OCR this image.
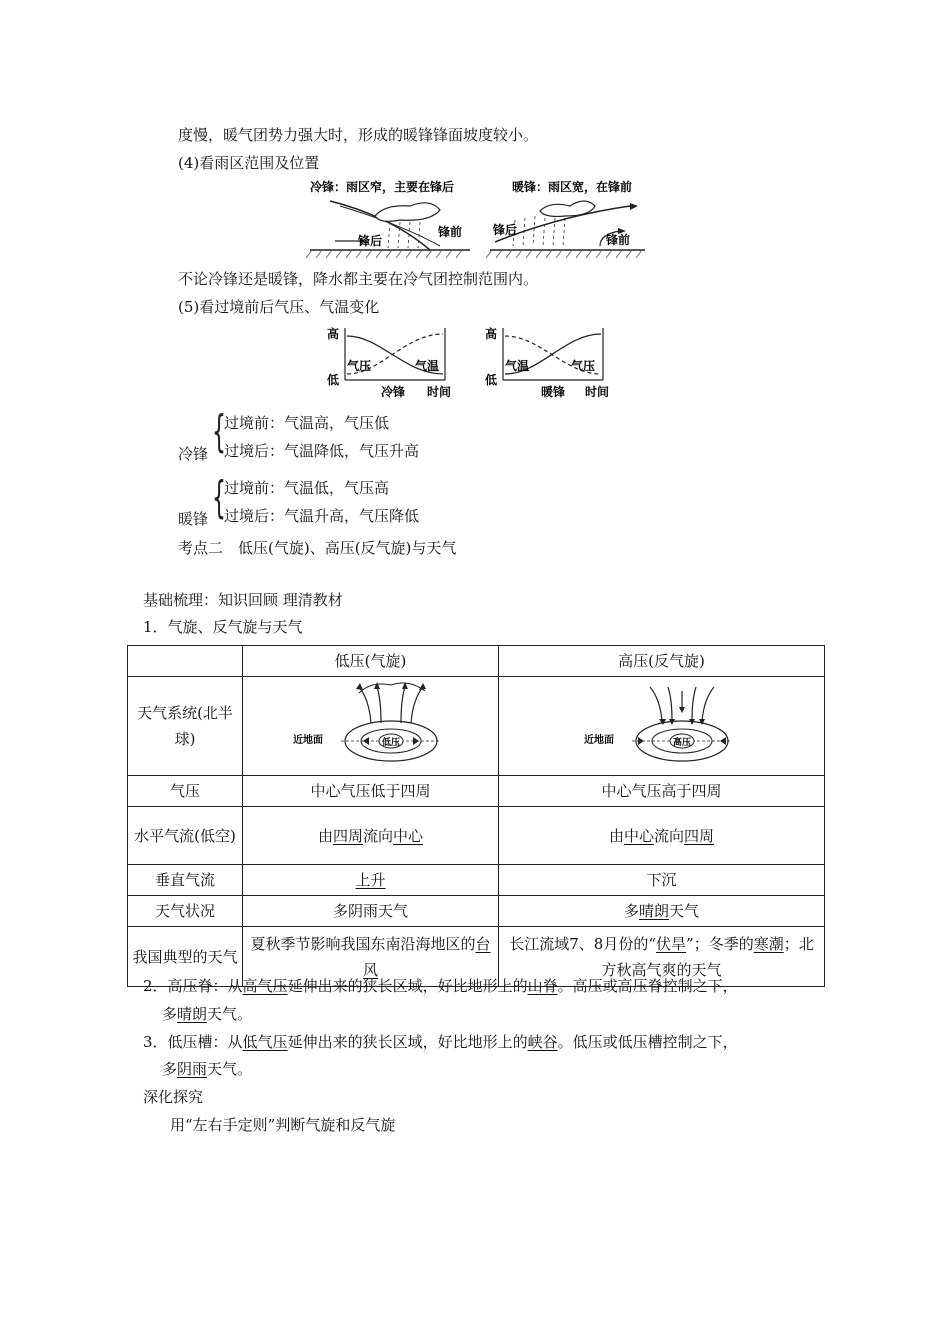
度慢，暖气团势力强大时，形成的暖锋锋面坡度较小。
(4)看雨区范围及位置
冷锋：雨区窄，主要在锋后
锋后
锋前
暖锋：雨区宽，在锋前
锋后
锋前
不论冷锋还是暖锋，降水都主要在冷气团控制范围内。
(5)看过境前后气压、气温变化
高
低
气压	气温
冷锋 时间
高
低
气温	气压
暖锋 时间
{
过境前：气温高，气压低
过境后：气温降低，气压升高
冷锋
{
过境前：气温低，气压高
过境后：气温升高，气压降低
暖锋
考点二　低压(气旋)、高压(反气旋)与天气
基础梳理：知识回顾 理清教材
1．气旋、反气旋与天气
	低压(气旋)	高压(反气旋)
天气系统(北半球)	近地面 低压	近地面 高压

气压	中心气压低于四周	中心气压高于四周
水平气流(低空)	由四周流向中心	由中心流向四周
垂直气流	上升	下沉
天气状况	多阴雨天气	多晴朗天气
我国典型的天气	夏秋季节影响我国东南沿海地区的台风	长江流域7、8月份的“伏旱”；冬季的寒潮；北方秋高气爽的天气
2．高压脊：从高气压延伸出来的狭长区域，好比地形上的山脊。高压或高压脊控制之下，
多晴朗天气。
3．低压槽：从低气压延伸出来的狭长区域，好比地形上的峡谷。低压或低压槽控制之下，
多阴雨天气。
深化探究
用“左右手定则”判断气旋和反气旋
